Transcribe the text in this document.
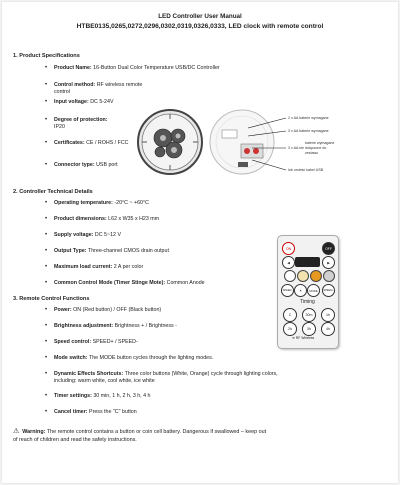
LED Controller User Manual
HTBE0135,0265,0272,0296,0302,0319,0326,0333, LED clock with remote control
1. Product Specifications
• Product Name: 16-Button Dual Color Temperature USB/DC Controller
• Control method: RF wireless remote control
• Input voltage: DC 5-24V
• Degree of protection:
IP20
• Certificates: CE / ROHS / FCC
• Connector type: USB port
2. Controller Technical Details
• Operating temperature: -20°C ~ +60°C
• Product dimensions: L62 x W35 x H23 mm
• Supply voltage: DC 5~12 V
• Output Type: Three-channel CMOS drain output
• Maximum load current: 2 A per color
• Common Control Mode (Timer Stinge Mote): Common Anode
3. Remote Control Functions
• Power: ON (Red button) / OFF (Black button)
• Brightness adjustment: Brightness + / Brightness -
• Speed control: SPEED+ / SPEED-
• Mode switch: The MODE button cycles through the lighting modes.
• Dynamic Effects Shortcuts: Three color buttons (White, Orange) cycle through lighting colors,
including: warm white, cool white, ice white
• Timer settings: 30 min, 1 h, 2 h, 3 h, 4 h
• Cancel timer: Press the "C" button
⚠ Warning: The remote control contains a button or coin cell battery. Dangerous if swallowed – keep out
of reach of children and read the safety instructions.
2 x AA baterie wymagane
3 x AA baterie wymagane
baterie wymagane
3 x AA nie dołączone do
zestawu
lub umieść kabel USB
ON	OFF
◀	▶
SPEED-	☀	MODE	SPEED+
Timing
C	30m	1h
2h	3h	4h
≋ RF Wireless
